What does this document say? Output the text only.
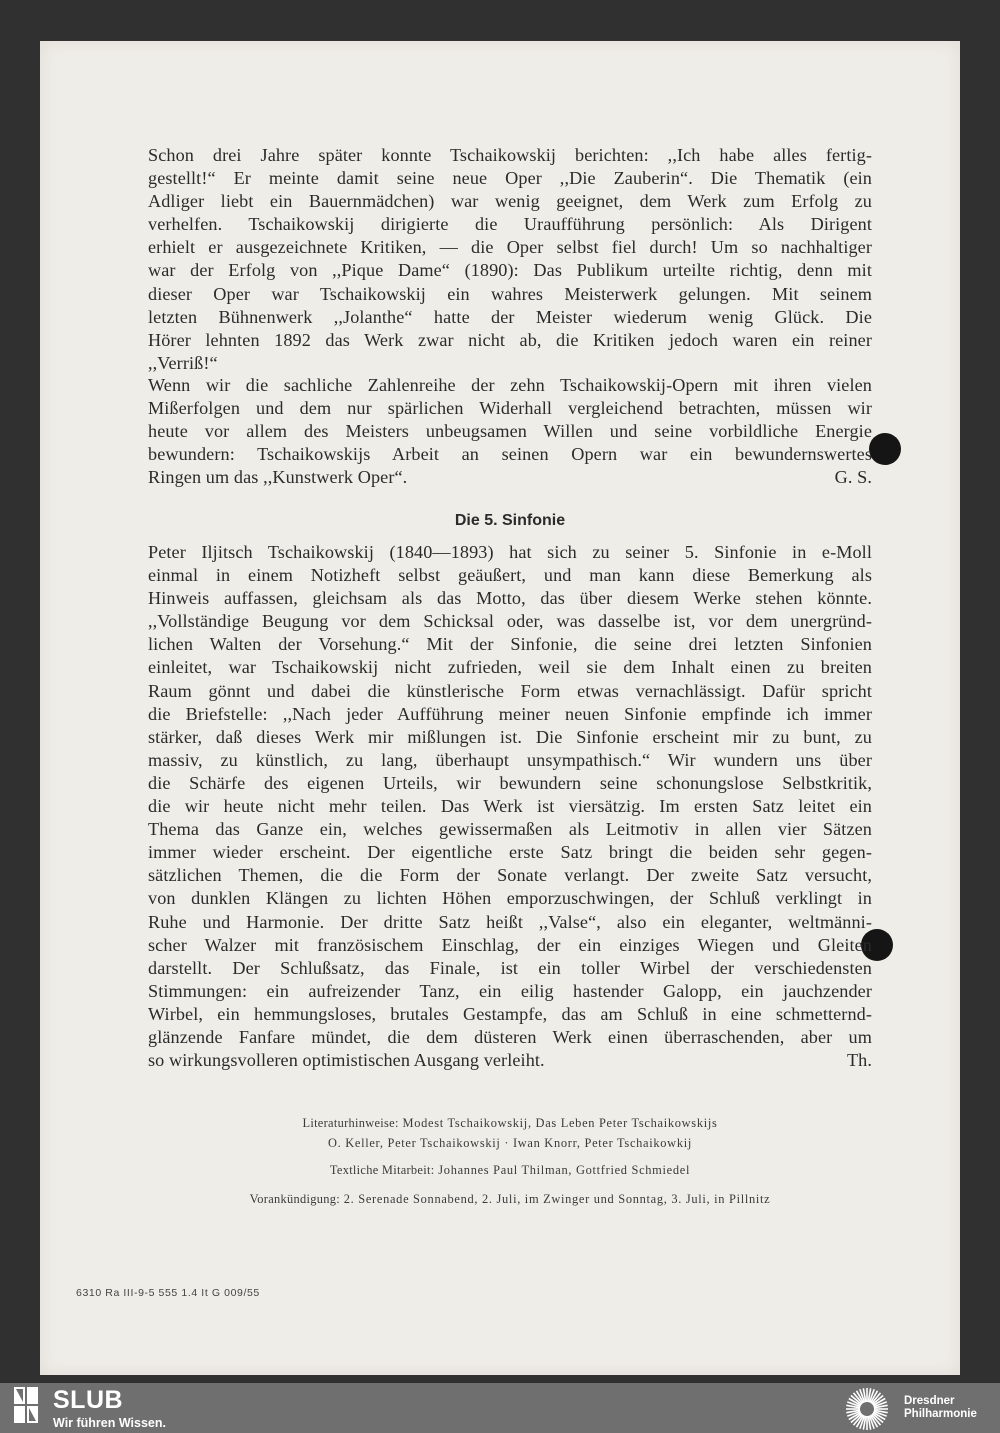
Schon drei Jahre später konnte Tschaikowskij berichten: ,,Ich habe alles fertig-
gestellt!“ Er meinte damit seine neue Oper ,,Die Zauberin“. Die Thematik (ein
Adliger liebt ein Bauernmädchen) war wenig geeignet, dem Werk zum Erfolg zu
verhelfen. Tschaikowskij dirigierte die Uraufführung persönlich: Als Dirigent
erhielt er ausgezeichnete Kritiken, — die Oper selbst fiel durch! Um so nachhaltiger
war der Erfolg von ,,Pique Dame“ (1890): Das Publikum urteilte richtig, denn mit
dieser Oper war Tschaikowskij ein wahres Meisterwerk gelungen. Mit seinem
letzten Bühnenwerk ,,Jolanthe“ hatte der Meister wiederum wenig Glück. Die
Hörer lehnten 1892 das Werk zwar nicht ab, die Kritiken jedoch waren ein reiner
,,Verriß!“
Wenn wir die sachliche Zahlenreihe der zehn Tschaikowskij-Opern mit ihren vielen
Mißerfolgen und dem nur spärlichen Widerhall vergleichend betrachten, müssen wir
heute vor allem des Meisters unbeugsamen Willen und seine vorbildliche Energie
bewundern: Tschaikowskijs Arbeit an seinen Opern war ein bewundernswertes
Ringen um das ,,Kunstwerk Oper“.	G. S.
Die 5. Sinfonie
Peter Iljitsch Tschaikowskij (1840—1893) hat sich zu seiner 5. Sinfonie in e-Moll
einmal in einem Notizheft selbst geäußert, und man kann diese Bemerkung als
Hinweis auffassen, gleichsam als das Motto, das über diesem Werke stehen könnte.
,,Vollständige Beugung vor dem Schicksal oder, was dasselbe ist, vor dem unergründ-
lichen Walten der Vorsehung.“ Mit der Sinfonie, die seine drei letzten Sinfonien
einleitet, war Tschaikowskij nicht zufrieden, weil sie dem Inhalt einen zu breiten
Raum gönnt und dabei die künstlerische Form etwas vernachlässigt. Dafür spricht
die Briefstelle: ,,Nach jeder Aufführung meiner neuen Sinfonie empfinde ich immer
stärker, daß dieses Werk mir mißlungen ist. Die Sinfonie erscheint mir zu bunt, zu
massiv, zu künstlich, zu lang, überhaupt unsympathisch.“ Wir wundern uns über
die Schärfe des eigenen Urteils, wir bewundern seine schonungslose Selbstkritik,
die wir heute nicht mehr teilen. Das Werk ist viersätzig. Im ersten Satz leitet ein
Thema das Ganze ein, welches gewissermaßen als Leitmotiv in allen vier Sätzen
immer wieder erscheint. Der eigentliche erste Satz bringt die beiden sehr gegen-
sätzlichen Themen, die die Form der Sonate verlangt. Der zweite Satz versucht,
von dunklen Klängen zu lichten Höhen emporzuschwingen, der Schluß verklingt in
Ruhe und Harmonie. Der dritte Satz heißt ,,Valse“, also ein eleganter, weltmänni-
scher Walzer mit französischem Einschlag, der ein einziges Wiegen und Gleiten
darstellt. Der Schlußsatz, das Finale, ist ein toller Wirbel der verschiedensten
Stimmungen: ein aufreizender Tanz, ein eilig hastender Galopp, ein jauchzender
Wirbel, ein hemmungsloses, brutales Gestampfe, das am Schluß in eine schmetternd-
glänzende Fanfare mündet, die dem düsteren Werk einen überraschenden, aber um
so wirkungsvolleren optimistischen Ausgang verleiht.	Th.
Literaturhinweise: Modest Tschaikowskij, Das Leben Peter Tschaikowskijs
O. Keller, Peter Tschaikowskij · Iwan Knorr, Peter Tschaikowkij
Textliche Mitarbeit: Johannes Paul Thilman, Gottfried Schmiedel
Vorankündigung: 2. Serenade Sonnabend, 2. Juli, im Zwinger und Sonntag, 3. Juli, in Pillnitz
6310 Ra III-9-5 555 1.4 It G 009/55
SLUB
Wir führen Wissen.
Dresdner
Philharmonie
